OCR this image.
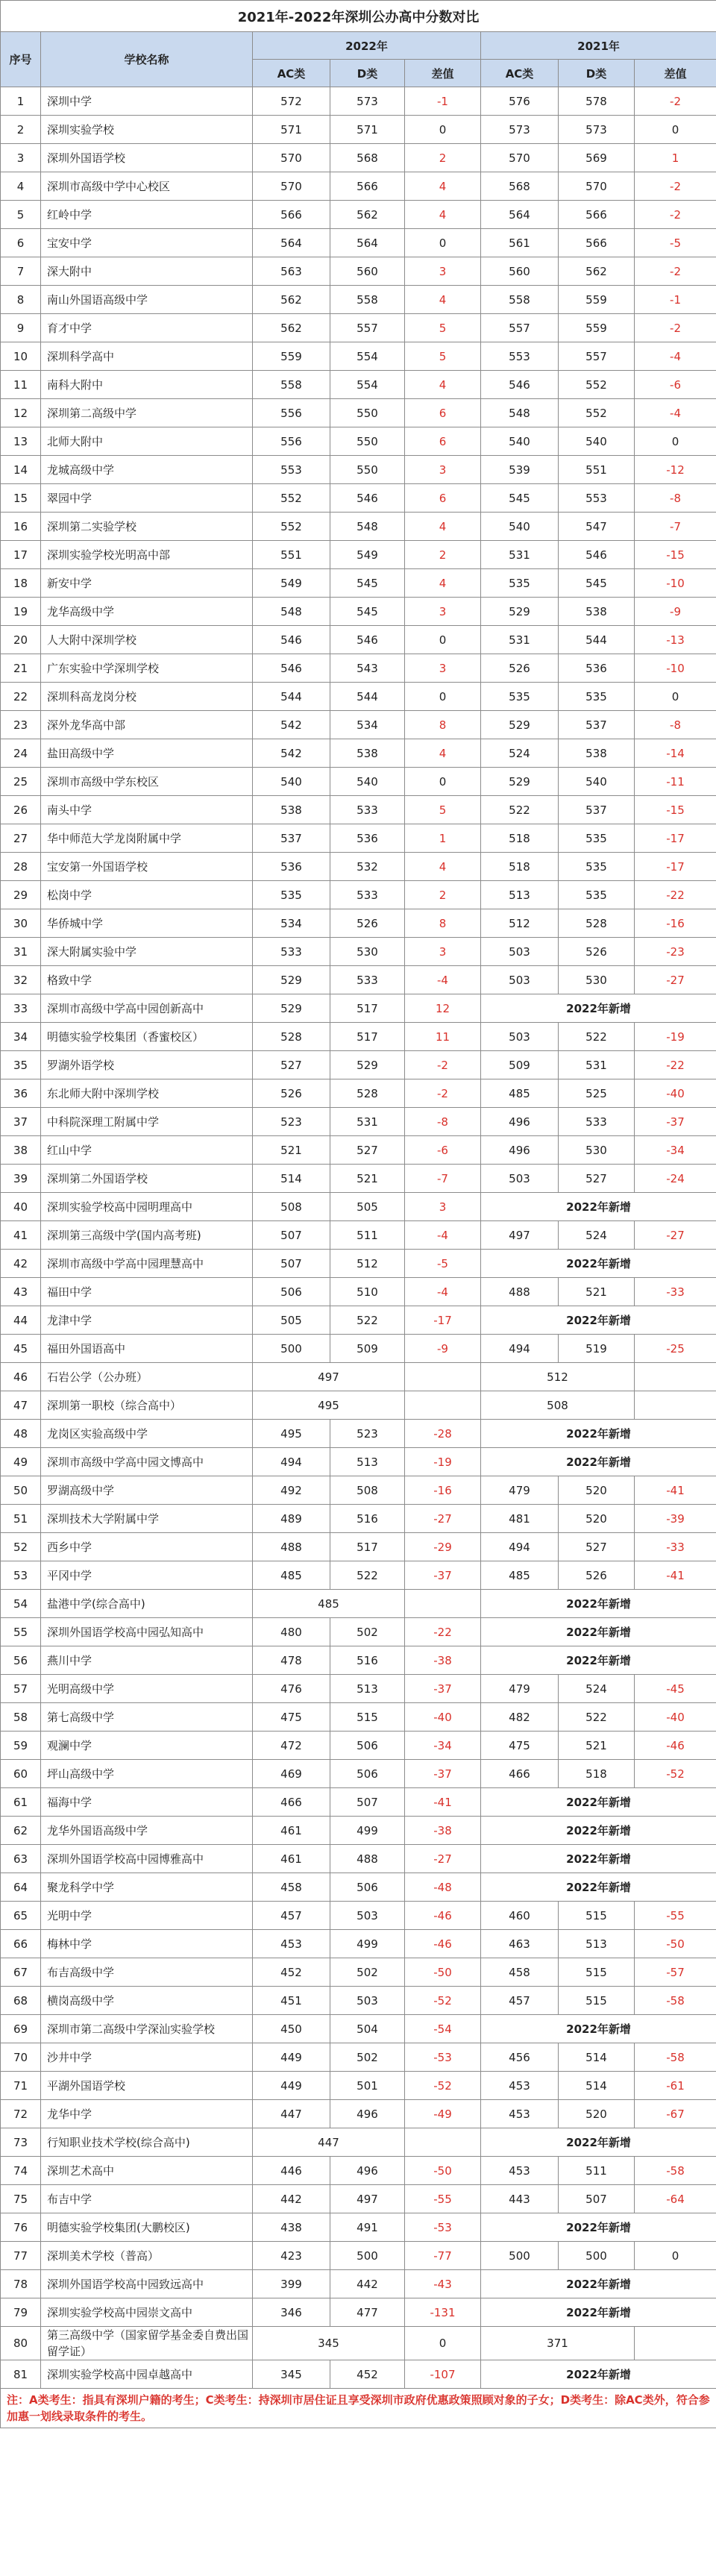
2021年-2022年深圳公办高中分数对比							
序号	学校名称	2022年			2021年		
		AC类	D类	差值	AC类	D类	差值
1	深圳中学	572	573	-1	576	578	-2
2	深圳实验学校	571	571	0	573	573	0
3	深圳外国语学校	570	568	2	570	569	1
4	深圳市高级中学中心校区	570	566	4	568	570	-2
5	红岭中学	566	562	4	564	566	-2
6	宝安中学	564	564	0	561	566	-5
7	深大附中	563	560	3	560	562	-2
8	南山外国语高级中学	562	558	4	558	559	-1
9	育才中学	562	557	5	557	559	-2
10	深圳科学高中	559	554	5	553	557	-4
11	南科大附中	558	554	4	546	552	-6
12	深圳第二高级中学	556	550	6	548	552	-4
13	北师大附中	556	550	6	540	540	0
14	龙城高级中学	553	550	3	539	551	-12
15	翠园中学	552	546	6	545	553	-8
16	深圳第二实验学校	552	548	4	540	547	-7
17	深圳实验学校光明高中部	551	549	2	531	546	-15
18	新安中学	549	545	4	535	545	-10
19	龙华高级中学	548	545	3	529	538	-9
20	人大附中深圳学校	546	546	0	531	544	-13
21	广东实验中学深圳学校	546	543	3	526	536	-10
22	深圳科高龙岗分校	544	544	0	535	535	0
23	深外龙华高中部	542	534	8	529	537	-8
24	盐田高级中学	542	538	4	524	538	-14
25	深圳市高级中学东校区	540	540	0	529	540	-11
26	南头中学	538	533	5	522	537	-15
27	华中师范大学龙岗附属中学	537	536	1	518	535	-17
28	宝安第一外国语学校	536	532	4	518	535	-17
29	松岗中学	535	533	2	513	535	-22
30	华侨城中学	534	526	8	512	528	-16
31	深大附属实验中学	533	530	3	503	526	-23
32	格致中学	529	533	-4	503	530	-27
33	深圳市高级中学高中园创新高中	529	517	12	2022年新增		
34	明德实验学校集团（香蜜校区）	528	517	11	503	522	-19
35	罗湖外语学校	527	529	-2	509	531	-22
36	东北师大附中深圳学校	526	528	-2	485	525	-40
37	中科院深理工附属中学	523	531	-8	496	533	-37
38	红山中学	521	527	-6	496	530	-34
39	深圳第二外国语学校	514	521	-7	503	527	-24
40	深圳实验学校高中园明理高中	508	505	3	2022年新增		
41	深圳第三高级中学(国内高考班)	507	511	-4	497	524	-27
42	深圳市高级中学高中园理慧高中	507	512	-5	2022年新增		
43	福田中学	506	510	-4	488	521	-33
44	龙津中学	505	522	-17	2022年新增		
45	福田外国语高中	500	509	-9	494	519	-25
46	石岩公学（公办班）	497			512		
47	深圳第一职校（综合高中）	495			508		
48	龙岗区实验高级中学	495	523	-28	2022年新增		
49	深圳市高级中学高中园文博高中	494	513	-19	2022年新增		
50	罗湖高级中学	492	508	-16	479	520	-41
51	深圳技术大学附属中学	489	516	-27	481	520	-39
52	西乡中学	488	517	-29	494	527	-33
53	平冈中学	485	522	-37	485	526	-41
54	盐港中学(综合高中)	485			2022年新增		
55	深圳外国语学校高中园弘知高中	480	502	-22	2022年新增		
56	燕川中学	478	516	-38	2022年新增		
57	光明高级中学	476	513	-37	479	524	-45
58	第七高级中学	475	515	-40	482	522	-40
59	观澜中学	472	506	-34	475	521	-46
60	坪山高级中学	469	506	-37	466	518	-52
61	福海中学	466	507	-41	2022年新增		
62	龙华外国语高级中学	461	499	-38	2022年新增		
63	深圳外国语学校高中园博雅高中	461	488	-27	2022年新增		
64	聚龙科学中学	458	506	-48	2022年新增		
65	光明中学	457	503	-46	460	515	-55
66	梅林中学	453	499	-46	463	513	-50
67	布吉高级中学	452	502	-50	458	515	-57
68	横岗高级中学	451	503	-52	457	515	-58
69	深圳市第二高级中学深汕实验学校	450	504	-54	2022年新增		
70	沙井中学	449	502	-53	456	514	-58
71	平湖外国语学校	449	501	-52	453	514	-61
72	龙华中学	447	496	-49	453	520	-67
73	行知职业技术学校(综合高中)	447			2022年新增		
74	深圳艺术高中	446	496	-50	453	511	-58
75	布吉中学	442	497	-55	443	507	-64
76	明德实验学校集团(大鹏校区)	438	491	-53	2022年新增		
77	深圳美术学校（普高）	423	500	-77	500	500	0
78	深圳外国语学校高中园致远高中	399	442	-43	2022年新增		
79	深圳实验学校高中园崇文高中	346	477	-131	2022年新增		
80	第三高级中学（国家留学基金委自费出国留学证）	345		0	371		
81	深圳实验学校高中园卓越高中	345	452	-107	2022年新增		
注：A类考生：指具有深圳户籍的考生；C类考生：持深圳市居住证且享受深圳市政府优惠政策照顾对象的子女；D类考生：除AC类外，符合参加惠一划线录取条件的考生。							
